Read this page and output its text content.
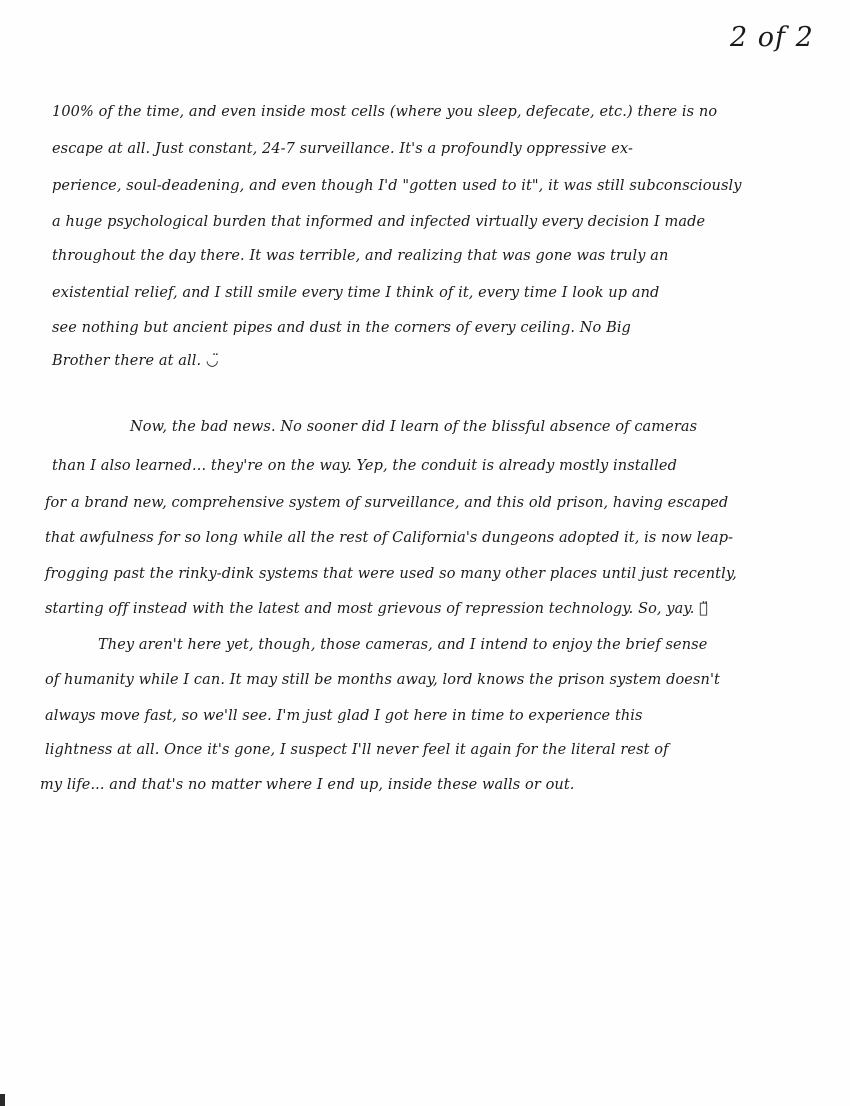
2 of 2
100% of the time, and even inside most cells (where you sleep, defecate, etc.) there is no
escape at all. Just constant, 24-7 surveillance. It's a profoundly oppressive ex-
perience, soul-deadening, and even though I'd "gotten used to it", it was still subconsciously
a huge psychological burden that informed and infected virtually every decision I made
throughout the day there. It was terrible, and realizing that was gone was truly an
existential relief, and I still smile every time I think of it, every time I look up and
see nothing but ancient pipes and dust in the corners of every ceiling. No Big
Brother there at all. ◡̈
Now, the bad news. No sooner did I learn of the blissful absence of cameras
than I also learned... they're on the way. Yep, the conduit is already mostly installed
for a brand new, comprehensive system of surveillance, and this old prison, having escaped
that awfulness for so long while all the rest of California's dungeons adopted it, is now leap-
frogging past the rinky-dink systems that were used so many other places until just recently,
starting off instead with the latest and most grievous of repression technology. So, yay. ⌒̈
They aren't here yet, though, those cameras, and I intend to enjoy the brief sense
of humanity while I can. It may still be months away, lord knows the prison system doesn't
always move fast, so we'll see. I'm just glad I got here in time to experience this
lightness at all. Once it's gone, I suspect I'll never feel it again for the literal rest of
my life... and that's no matter where I end up, inside these walls or out.
